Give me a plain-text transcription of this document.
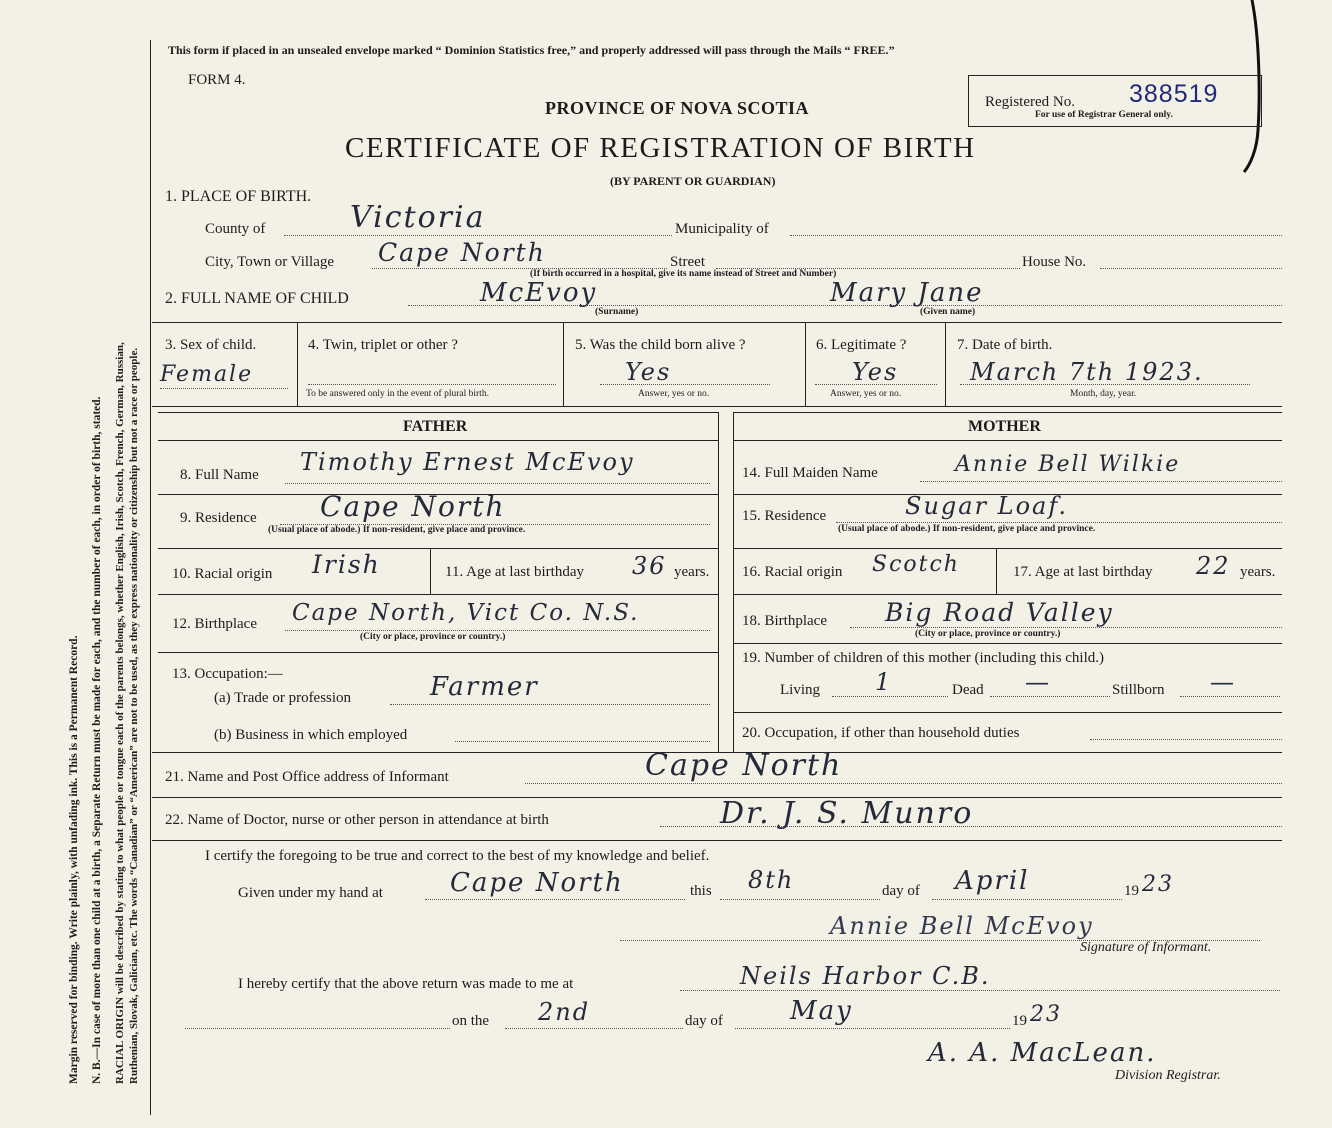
Margin reserved for binding. Write plainly, with unfading ink. This is a Permanent Record. N. B.—In case of more than one child at a birth, a Separate Return must be made for each, and the number of each, in order of birth, stated. RACIAL ORIGIN will be described by stating to what people or tongue each of the parents belongs, whether English, Irish, Scotch, French, German, Russian, Ruthenian, Slovak, Galician, etc. The words “Canadian” or “American” are not to be used, as they express nationality or citizenship but not a race or people.
This form if placed in an unsealed envelope marked “ Dominion Statistics free,” and properly addressed will pass through the Mails “ FREE.”
FORM 4.
PROVINCE OF NOVA SCOTIA
CERTIFICATE OF REGISTRATION OF BIRTH
(BY PARENT OR GUARDIAN)
Registered No. 388519
For use of Registrar General only.
1. PLACE OF BIRTH.
County of	Victoria	Municipality of
City, Town or Village Cape North	Street	House No.
(If birth occurred in a hospital, give its name instead of Street and Number)
2. FULL NAME OF CHILD	McEvoy
(Surname)
Mary Jane
(Given name)
3. Sex of child.
Female
4. Twin, triplet or other ?
To be answered only in the event of plural birth.
5. Was the child born alive ?
Yes
Answer, yes or no.
6. Legitimate ?
Yes
Answer, yes or no.
7. Date of birth.
March 7th 1923.
Month, day, year.
FATHER	MOTHER
8. Full Name Timothy Ernest McEvoy
9. Residence Cape North
(Usual place of abode.) If non-resident, give place and province.
10. Racial origin Irish	11. Age at last birthday 36 years.
12. Birthplace Cape North, Vict Co. N.S.
(City or place, province or country.)
13. Occupation:—
(a) Trade or profession	Farmer
(b) Business in which employed
14. Full Maiden Name	Annie Bell Wilkie
15. Residence	Sugar Loaf.
(Usual place of abode.) If non-resident, give place and province.
16. Racial origin Scotch	17. Age at last birthday 22 years.
18. Birthplace Big Road Valley
(City or place, province or country.)
19. Number of children of this mother (including this child.)
Living 1	Dead —	Stillborn —
20. Occupation, if other than household duties
21. Name and Post Office address of Informant	Cape North
22. Name of Doctor, nurse or other person in attendance at birth	Dr. J. S. Munro
I certify the foregoing to be true and correct to the best of my knowledge and belief.
Given under my hand at	Cape North	this 8th	day of April	19 23
Annie Bell McEvoy
Signature of Informant.
I hereby certify that the above return was made to me at	Neils Harbor C.B.
on the 2nd	day of	May	19 23
A. A. MacLean.
Division Registrar.
